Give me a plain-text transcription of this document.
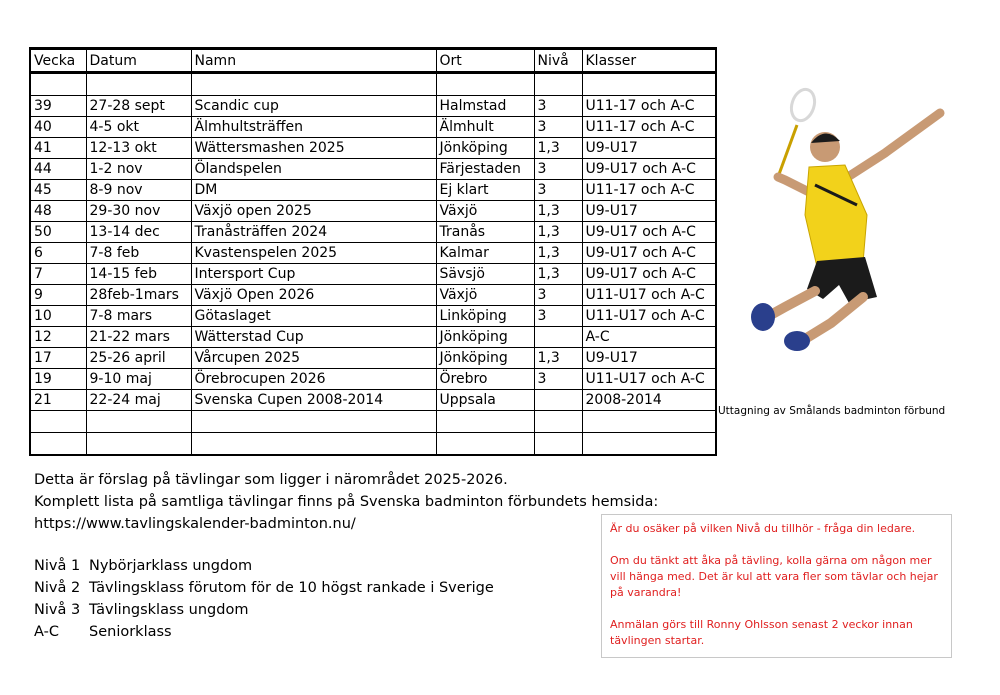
Vecka	Datum	Namn	Ort	Nivå	Klasser

39	27-28 sept	Scandic cup	Halmstad	3	U11-17 och A-C
40	4-5 okt	Älmhultsträffen	Älmhult	3	U11-17 och A-C
41	12-13 okt	Wättersmashen 2025	Jönköping	1,3	U9-U17
44	1-2 nov	Ölandspelen	Färjestaden	3	U9-U17 och A-C
45	8-9 nov	DM	Ej klart	3	U11-17 och A-C
48	29-30 nov	Växjö open 2025	Växjö	1,3	U9-U17
50	13-14 dec	Tranåsträffen 2024	Tranås	1,3	U9-U17 och A-C
6	7-8 feb	Kvastenspelen 2025	Kalmar	1,3	U9-U17 och A-C
7	14-15 feb	Intersport Cup	Sävsjö	1,3	U9-U17 och A-C
9	28feb-1mars	Växjö Open 2026	Växjö	3	U11-U17 och A-C
10	7-8 mars	Götaslaget	Linköping	3	U11-U17 och A-C
12	21-22 mars	Wätterstad Cup	Jönköping		A-C
17	25-26 april	Vårcupen 2025	Jönköping	1,3	U9-U17
19	9-10 maj	Örebrocupen 2026	Örebro	3	U11-U17 och A-C
21	22-24 maj	Svenska Cupen 2008-2014	Uppsala		2008-2014

Uttagning av Smålands badminton förbund
Detta är förslag på tävlingar som ligger i närområdet 2025-2026.
Komplett lista på samtliga tävlingar finns på Svenska badminton förbundets hemsida:
https://www.tavlingskalender-badminton.nu/
Nivå 1 Nybörjarklass ungdom
Nivå 2 Tävlingsklass förutom för de 10 högst rankade i Sverige
Nivå 3 Tävlingsklass ungdom
A-C	Seniorklass

Är du osäker på vilken Nivå du tillhör - fråga din ledare.

Om du tänkt att åka på tävling, kolla gärna om någon mer vill hänga med. Det är kul att vara fler som tävlar och hejar på varandra!

Anmälan görs till Ronny Ohlsson senast 2 veckor innan tävlingen startar.
